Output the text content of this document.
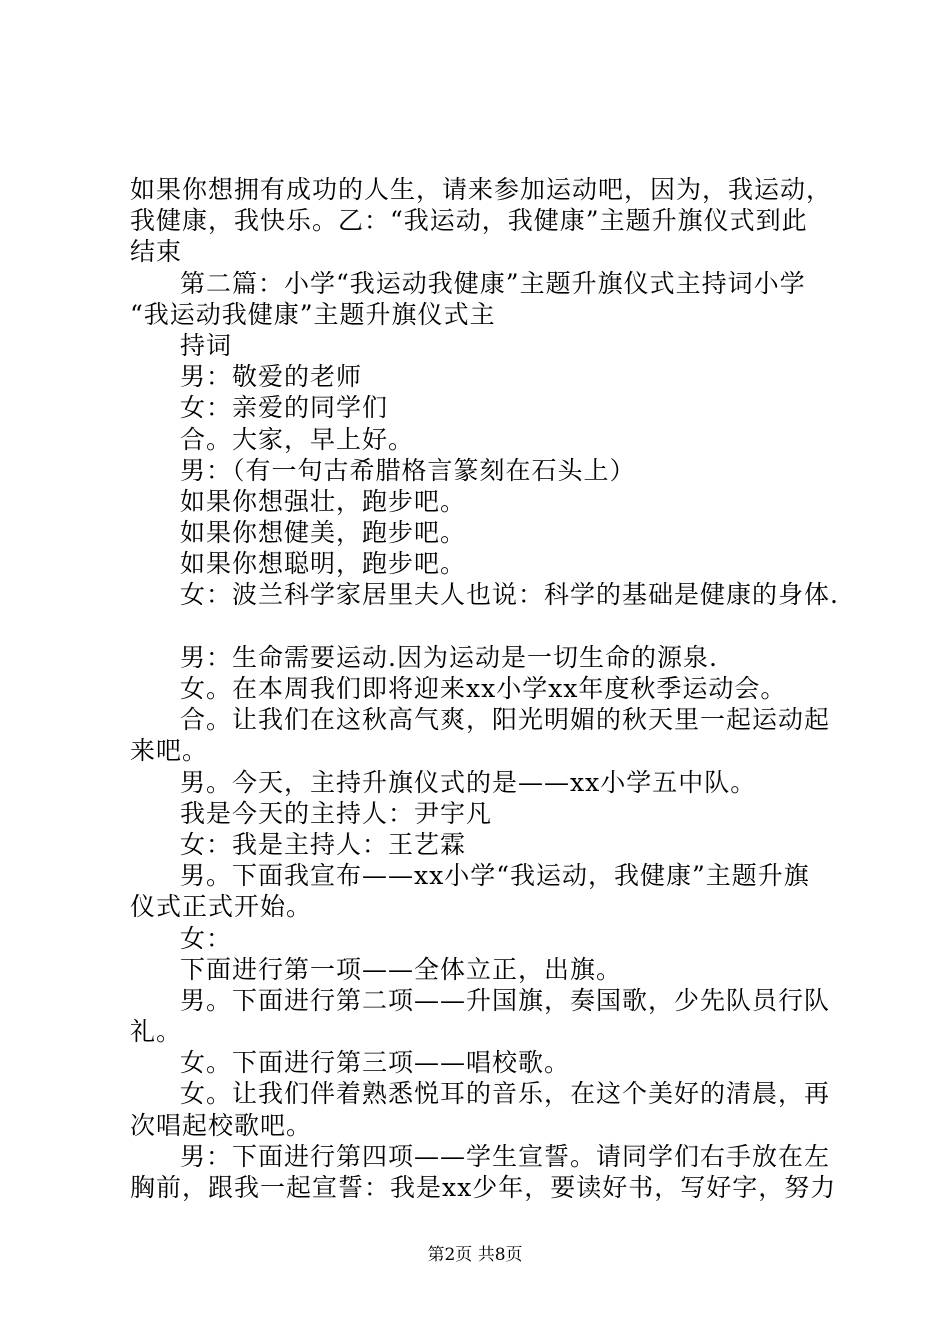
如果你想拥有成功的人生，请来参加运动吧，因为，我运动，
我健康，我快乐。乙：“我运动，我健康”主题升旗仪式到此
结束
第二篇：小学“我运动我健康”主题升旗仪式主持词小学
“我运动我健康”主题升旗仪式主
持词
男：敬爱的老师
女：亲爱的同学们
合。大家，早上好。
男：（有一句古希腊格言篆刻在石头上）
如果你想强壮，跑步吧。
如果你想健美，跑步吧。
如果你想聪明，跑步吧。
女：波兰科学家居里夫人也说：科学的基础是健康的身体.
男：生命需要运动.因为运动是一切生命的源泉.
女。在本周我们即将迎来xx小学xx年度秋季运动会。
合。让我们在这秋高气爽，阳光明媚的秋天里一起运动起
来吧。
男。今天，主持升旗仪式的是——xx小学五中队。
我是今天的主持人：尹宇凡
女：我是主持人：王艺霖
男。下面我宣布——xx小学“我运动，我健康”主题升旗
仪式正式开始。
女：
下面进行第一项——全体立正，出旗。
男。下面进行第二项——升国旗，奏国歌，少先队员行队
礼。
女。下面进行第三项——唱校歌。
女。让我们伴着熟悉悦耳的音乐，在这个美好的清晨，再
次唱起校歌吧。
男：下面进行第四项——学生宣誓。请同学们右手放在左
胸前，跟我一起宣誓：我是xx少年，要读好书，写好字，努力
第2页 共8页
